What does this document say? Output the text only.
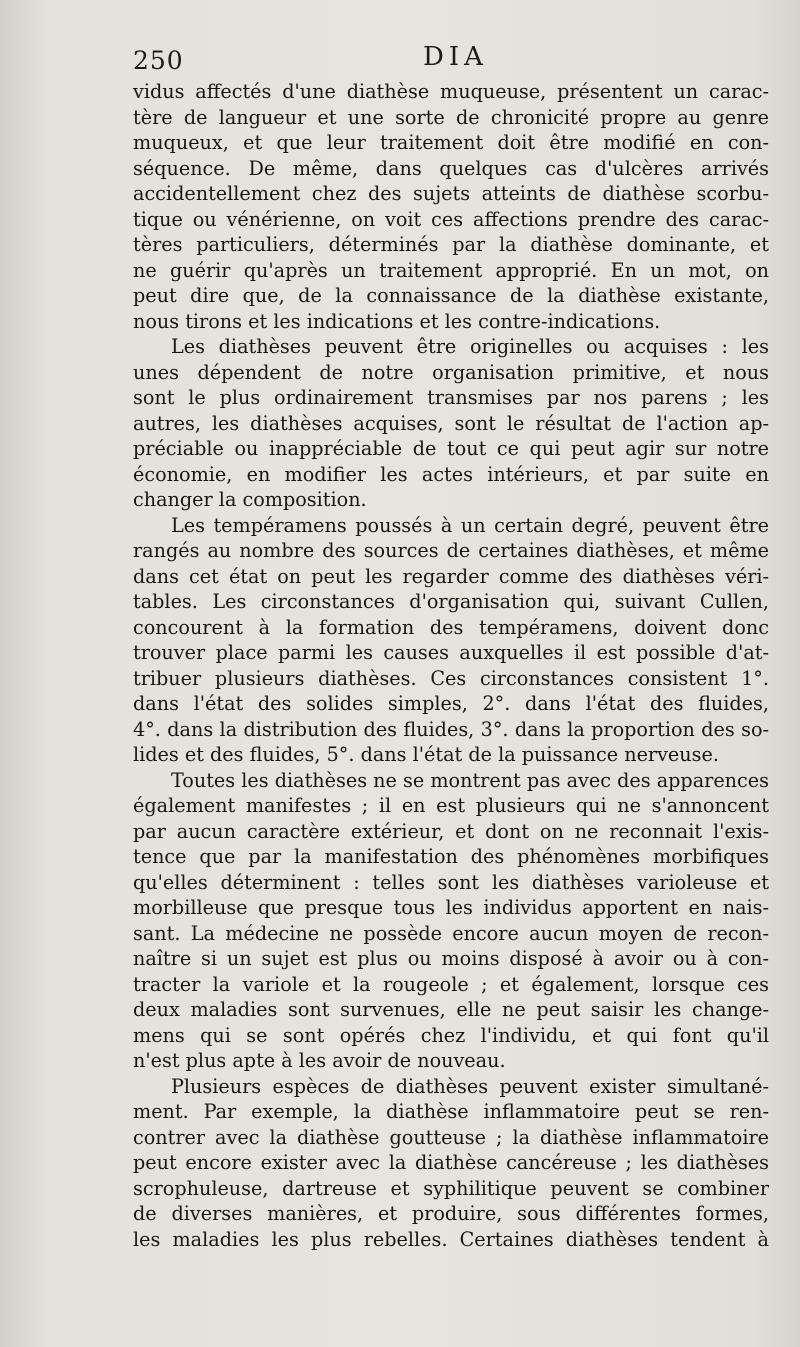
250	DIA
vidus affectés d'une diathèse muqueuse, présentent un carac-
tère de langueur et une sorte de chronicité propre au genre
muqueux, et que leur traitement doit être modifié en con-
séquence. De même, dans quelques cas d'ulcères arrivés
accidentellement chez des sujets atteints de diathèse scorbu-
tique ou vénérienne, on voit ces affections prendre des carac-
tères particuliers, déterminés par la diathèse dominante, et
ne guérir qu'après un traitement approprié. En un mot, on
peut dire que, de la connaissance de la diathèse existante,
nous tirons et les indications et les contre-indications.
Les diathèses peuvent être originelles ou acquises : les
unes dépendent de notre organisation primitive, et nous
sont le plus ordinairement transmises par nos parens ; les
autres, les diathèses acquises, sont le résultat de l'action ap-
préciable ou inappréciable de tout ce qui peut agir sur notre
économie, en modifier les actes intérieurs, et par suite en
changer la composition.
Les tempéramens poussés à un certain degré, peuvent être
rangés au nombre des sources de certaines diathèses, et même
dans cet état on peut les regarder comme des diathèses véri-
tables. Les circonstances d'organisation qui, suivant Cullen,
concourent à la formation des tempéramens, doivent donc
trouver place parmi les causes auxquelles il est possible d'at-
tribuer plusieurs diathèses. Ces circonstances consistent 1°.
dans l'état des solides simples, 2°. dans l'état des fluides,
4°. dans la distribution des fluides, 3°. dans la proportion des so-
lides et des fluides, 5°. dans l'état de la puissance nerveuse.
Toutes les diathèses ne se montrent pas avec des apparences
également manifestes ; il en est plusieurs qui ne s'annoncent
par aucun caractère extérieur, et dont on ne reconnait l'exis-
tence que par la manifestation des phénomènes morbifiques
qu'elles déterminent : telles sont les diathèses varioleuse et
morbilleuse que presque tous les individus apportent en nais-
sant. La médecine ne possède encore aucun moyen de recon-
naître si un sujet est plus ou moins disposé à avoir ou à con-
tracter la variole et la rougeole ; et également, lorsque ces
deux maladies sont survenues, elle ne peut saisir les change-
mens qui se sont opérés chez l'individu, et qui font qu'il
n'est plus apte à les avoir de nouveau.
Plusieurs espèces de diathèses peuvent exister simultané-
ment. Par exemple, la diathèse inflammatoire peut se ren-
contrer avec la diathèse goutteuse ; la diathèse inflammatoire
peut encore exister avec la diathèse cancéreuse ; les diathèses
scrophuleuse, dartreuse et syphilitique peuvent se combiner
de diverses manières, et produire, sous différentes formes,
les maladies les plus rebelles. Certaines diathèses tendent à
